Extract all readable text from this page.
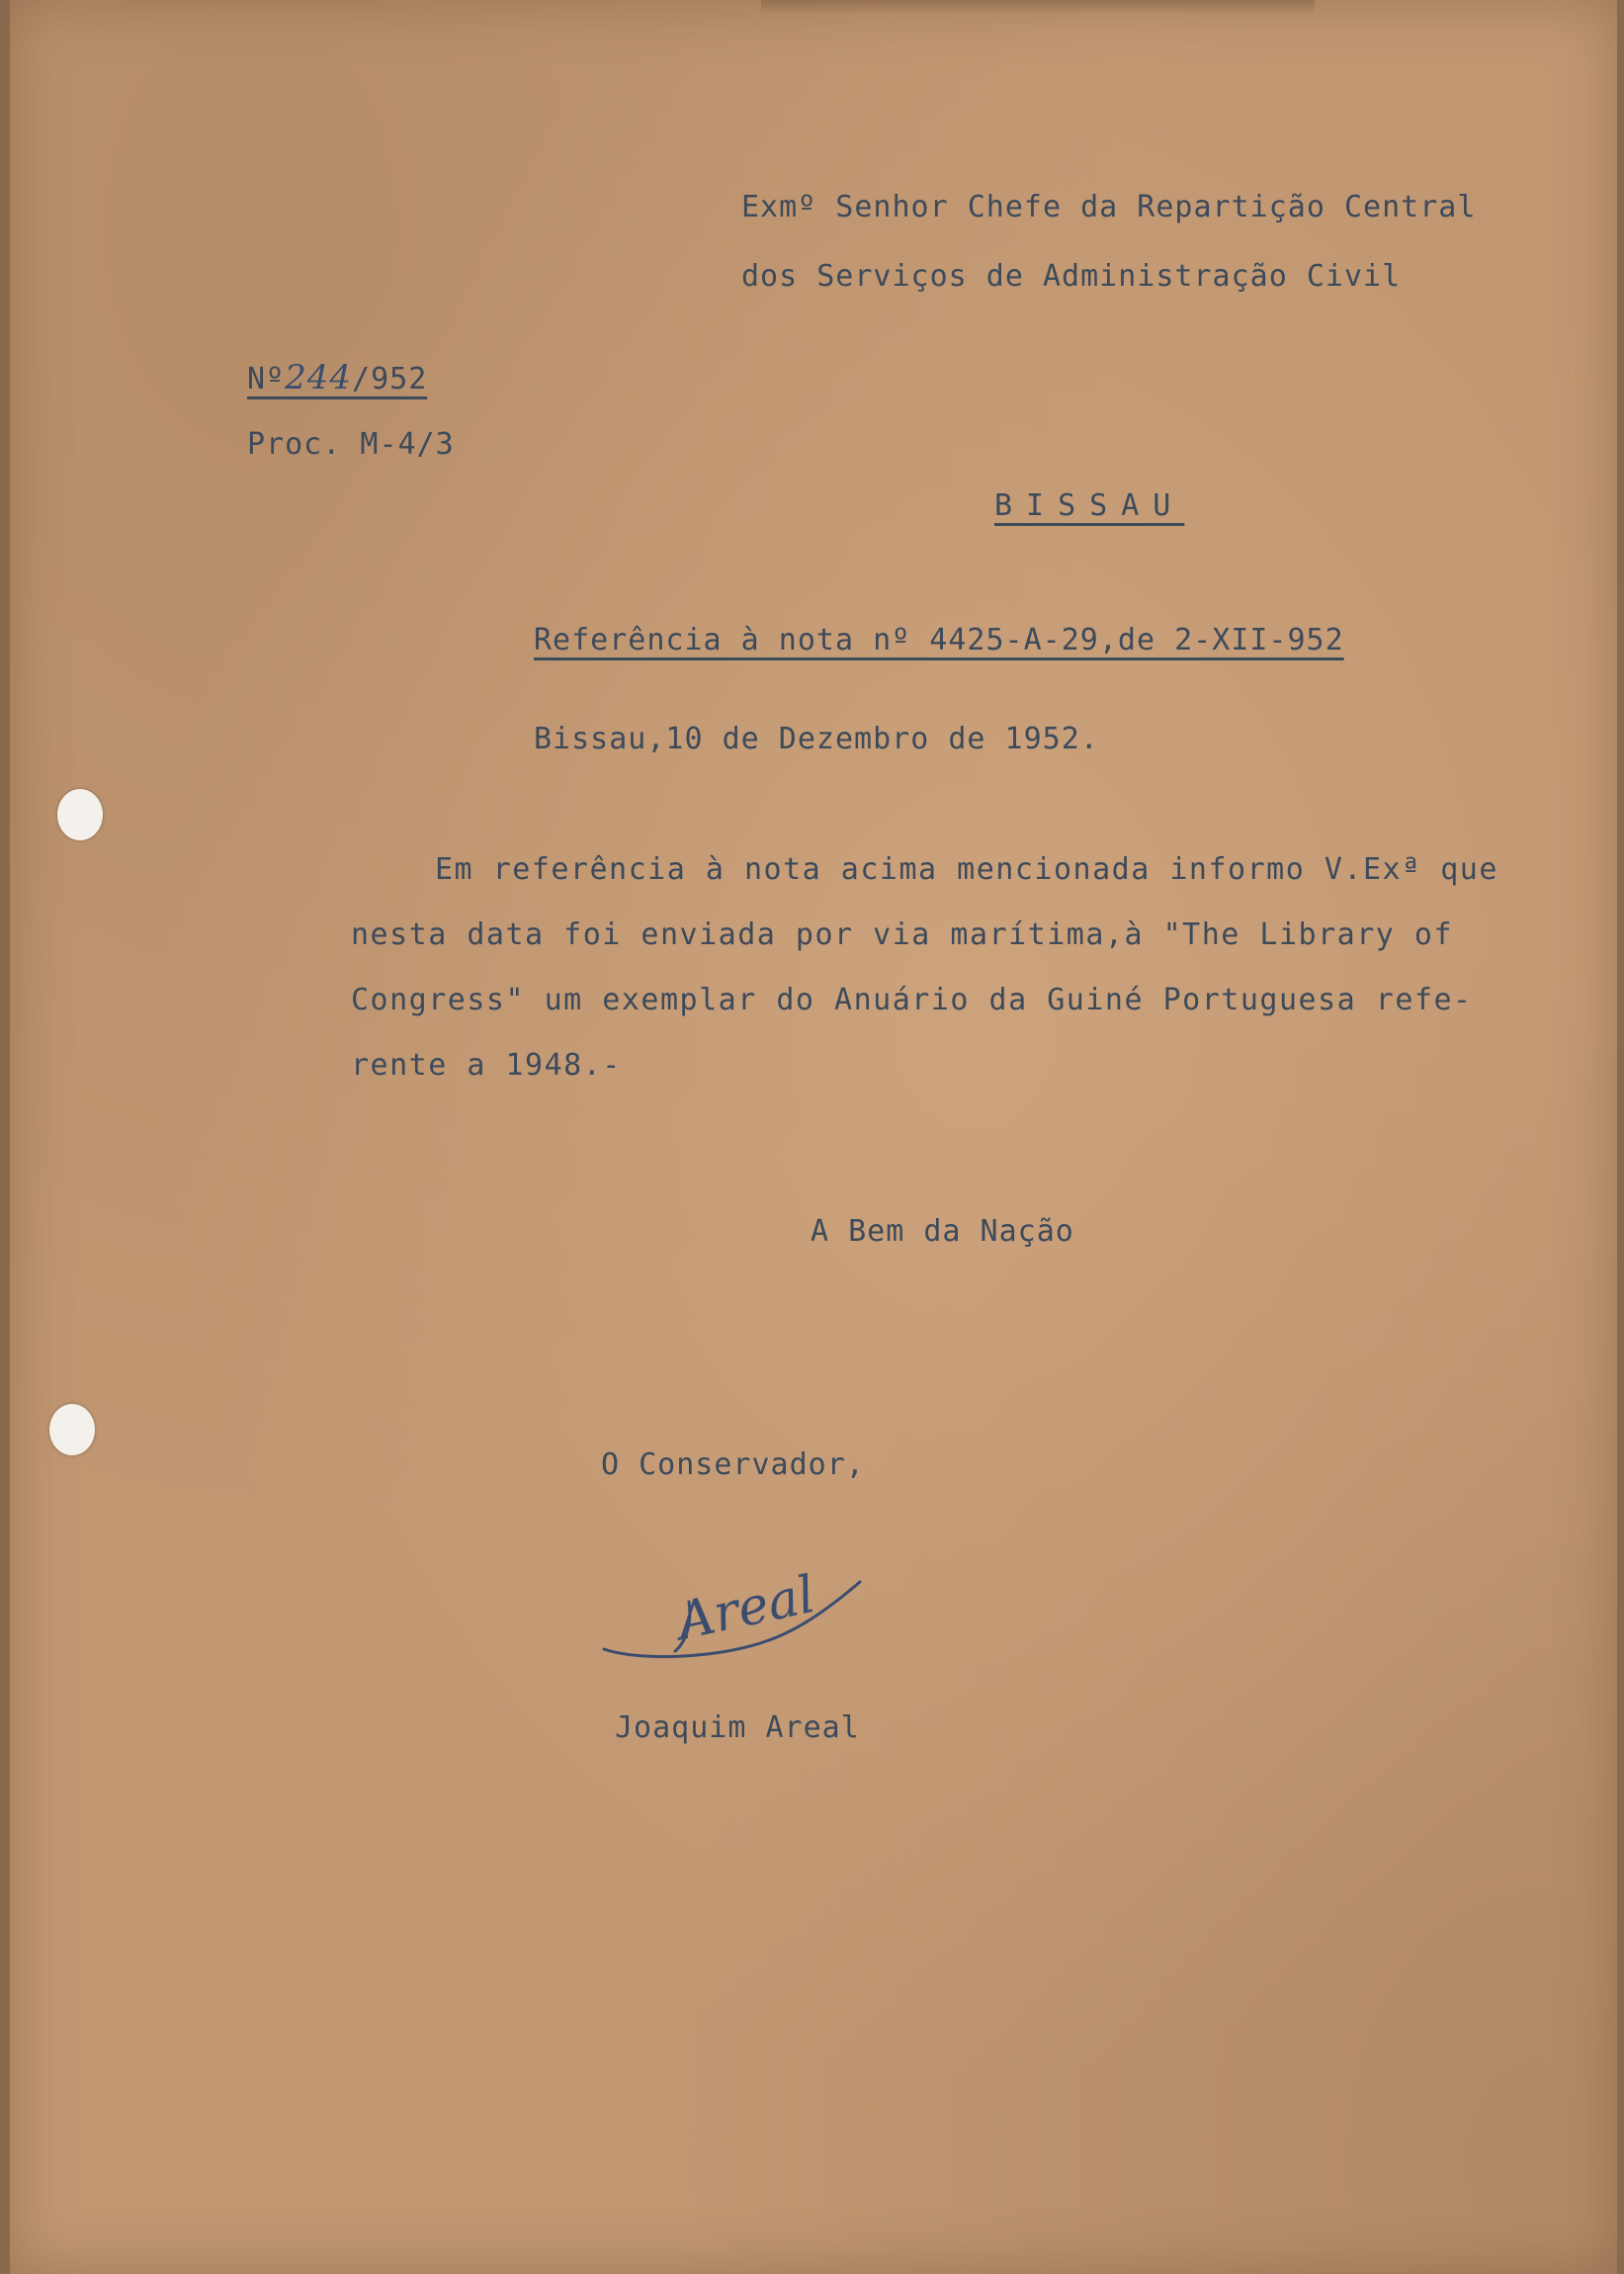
Exmº Senhor Chefe da Repartição Central
dos Serviços de Administração Civil
Nº244/952
Proc. M-4/3
BISSAU
Referência à nota nº 4425-A-29,de 2-XII-952
Bissau,10 de Dezembro de 1952.
Em referência à nota acima mencionada informo V.Exª que
nesta data foi enviada por via marítima,à "The Library of
Congress" um exemplar do Anuário da Guiné Portuguesa refe-
rente a 1948.-
A Bem da Nação
O Conservador,
Areal
Joaquim Areal
